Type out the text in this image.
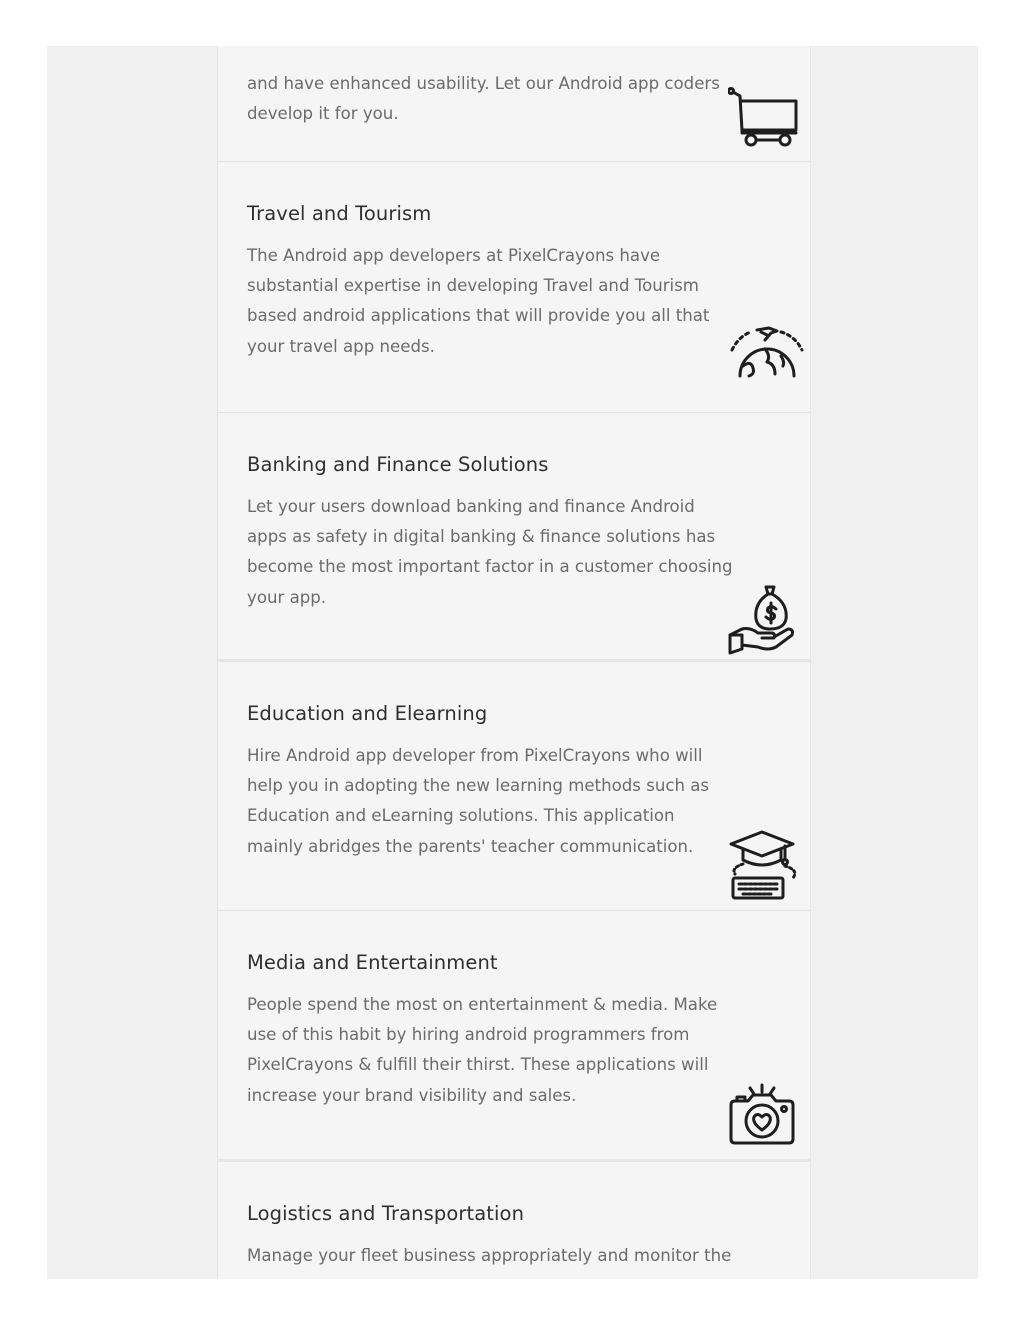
and have enhanced usability. Let our Android app coders
develop it for you.

Travel and Tourism

The Android app developers at PixelCrayons have
substantial expertise in developing Travel and Tourism
based android applications that will provide you all that
your travel app needs.

Banking and Finance Solutions

Let your users download banking and finance Android
apps as safety in digital banking & finance solutions has
become the most important factor in a customer choosing
your app.

Education and Elearning

Hire Android app developer from PixelCrayons who will
help you in adopting the new learning methods such as
Education and eLearning solutions. This application
mainly abridges the parents' teacher communication.

Media and Entertainment

People spend the most on entertainment & media. Make
use of this habit by hiring android programmers from
PixelCrayons & fulfill their thirst. These applications will
increase your brand visibility and sales.

Logistics and Transportation

Manage your fleet business appropriately and monitor the
